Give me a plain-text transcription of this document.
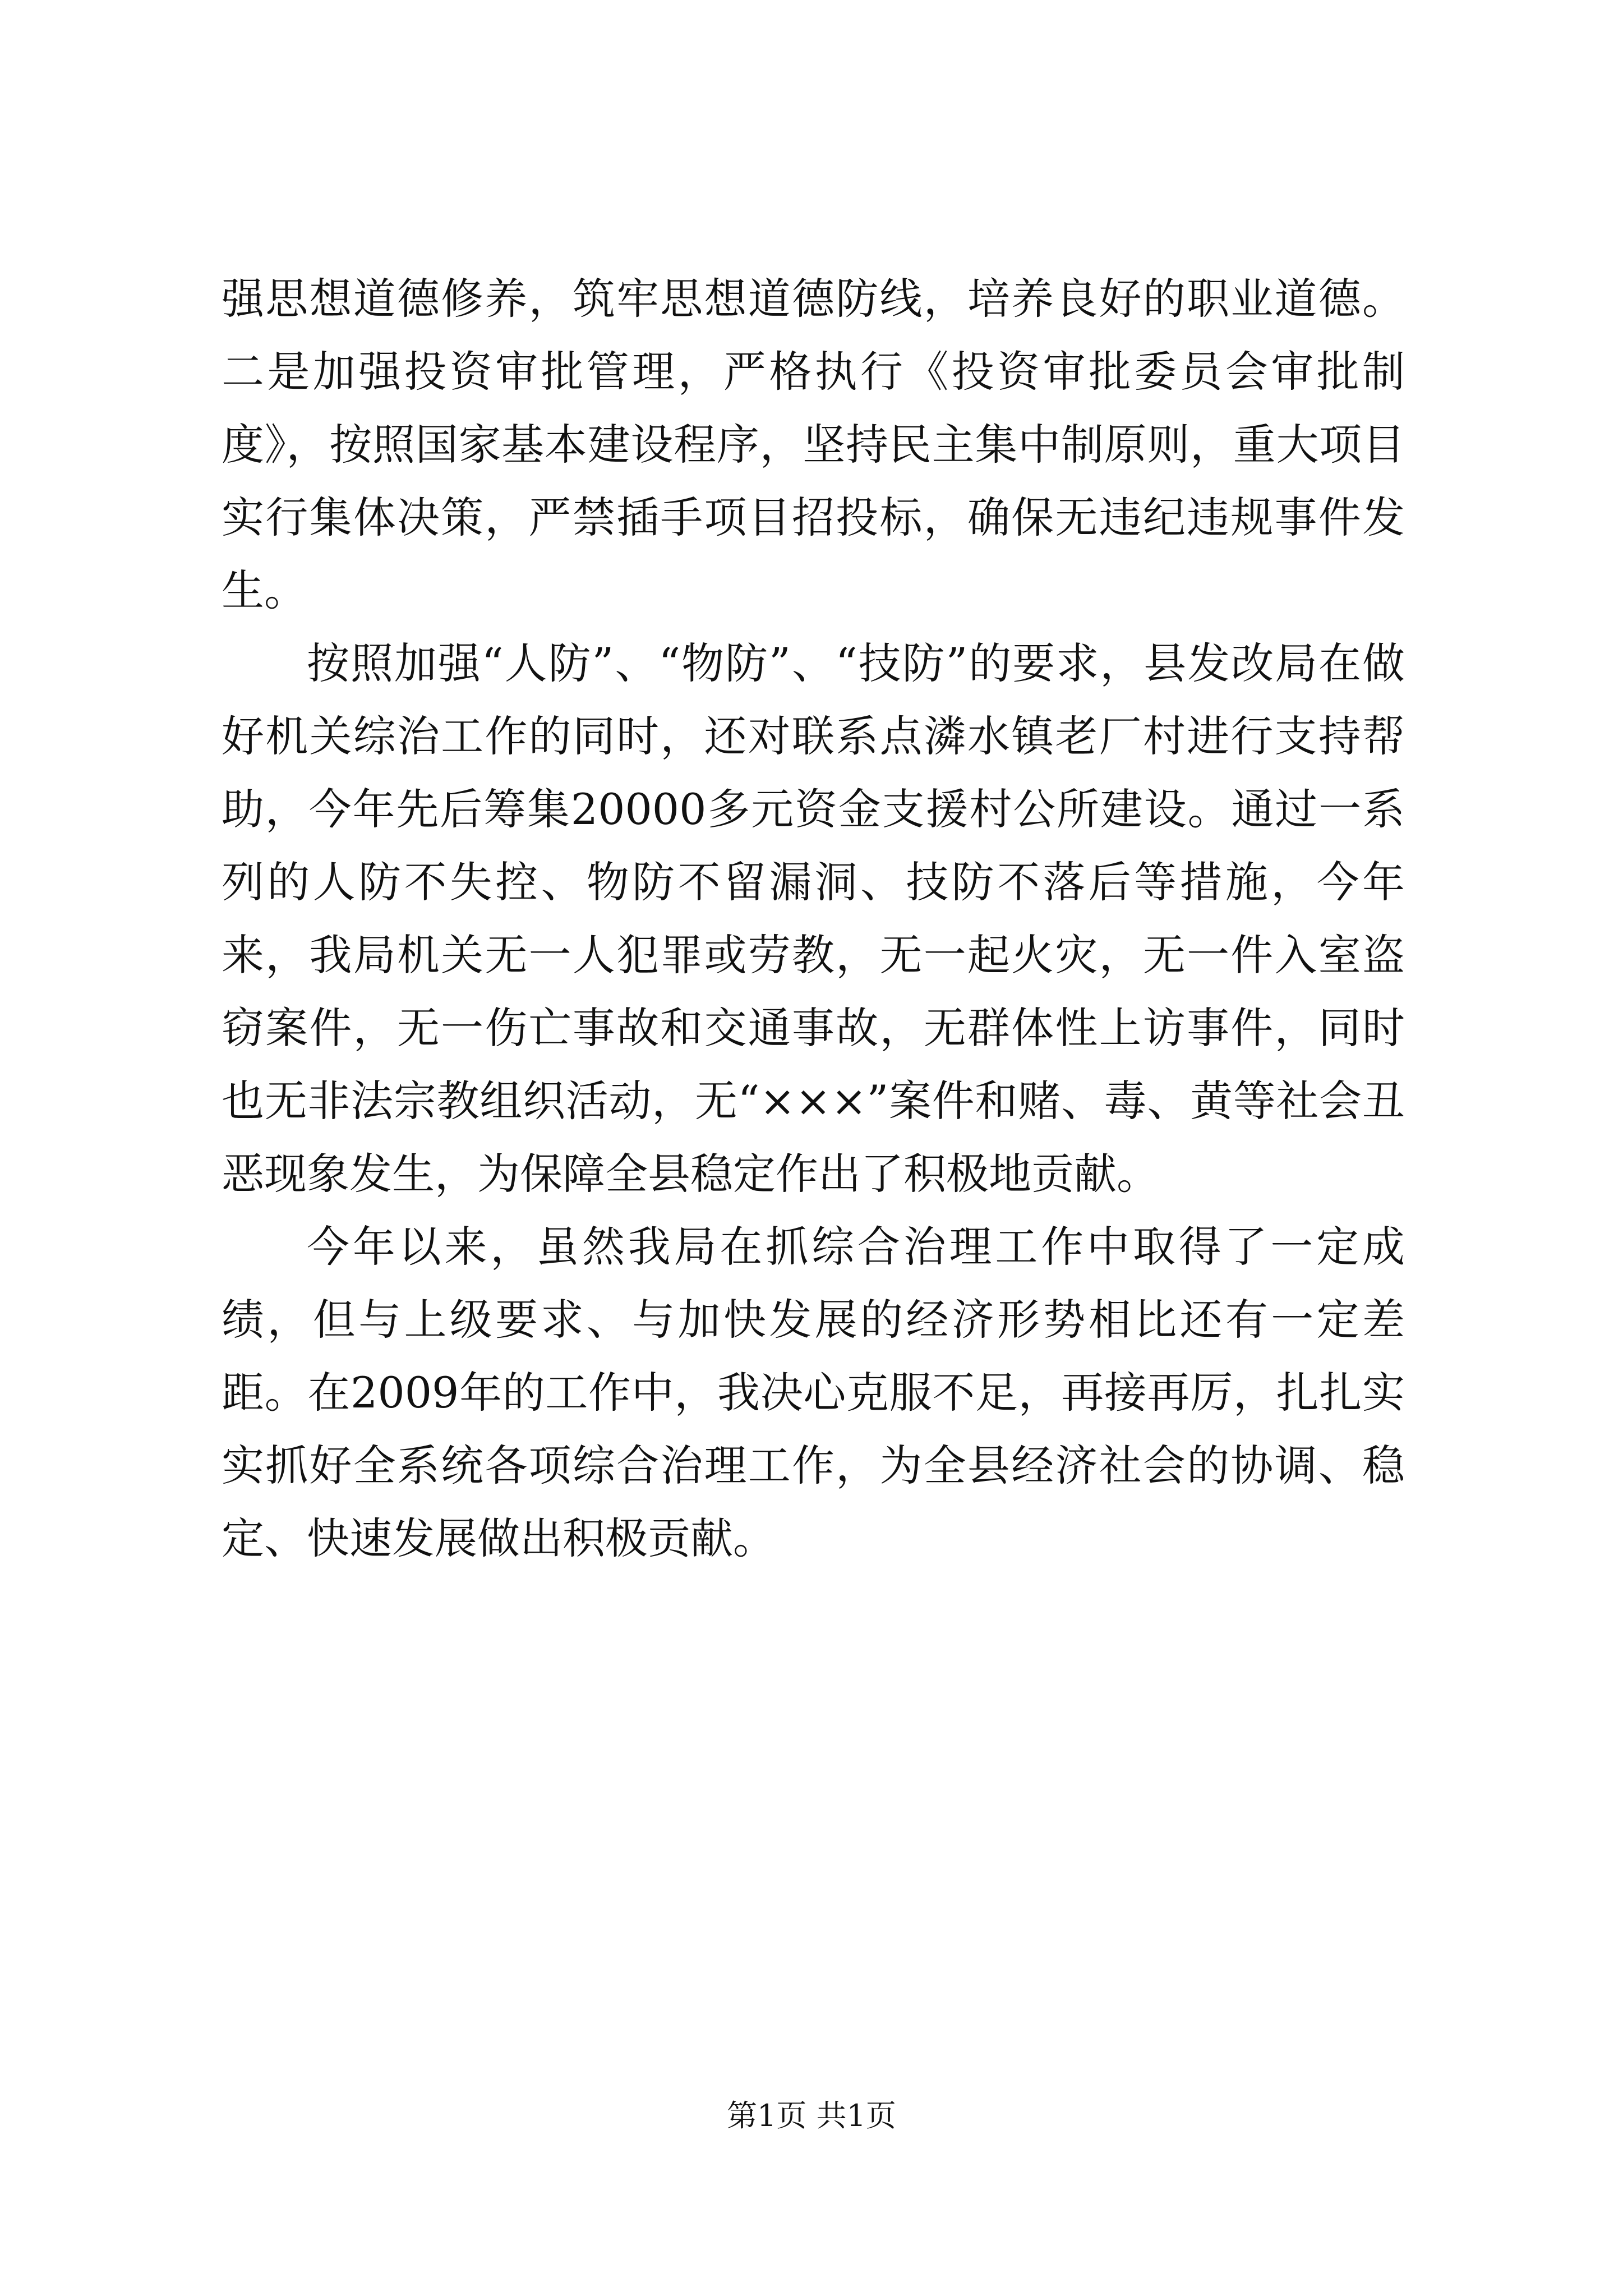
强思想道德修养，筑牢思想道德防线，培养良好的职业道德。二是加强投资审批管理，严格执行《投资审批委员会审批制度》，按照国家基本建设程序，坚持民主集中制原则，重大项目实行集体决策，严禁插手项目招投标，确保无违纪违规事件发生。

按照加强“人防”、“物防”、“技防”的要求，县发改局在做好机关综治工作的同时，还对联系点潾水镇老厂村进行支持帮助，今年先后筹集20000多元资金支援村公所建设。通过一系列的人防不失控、物防不留漏洞、技防不落后等措施，今年来，我局机关无一人犯罪或劳教，无一起火灾，无一件入室盗窃案件，无一伤亡事故和交通事故，无群体性上访事件，同时也无非法宗教组织活动，无“×××”案件和赌、毒、黄等社会丑恶现象发生，为保障全县稳定作出了积极地贡献。

今年以来，虽然我局在抓综合治理工作中取得了一定成绩，但与上级要求、与加快发展的经济形势相比还有一定差距。在2009年的工作中，我决心克服不足，再接再厉，扎扎实实抓好全系统各项综合治理工作，为全县经济社会的协调、稳定、快速发展做出积极贡献。

第1页 共1页
